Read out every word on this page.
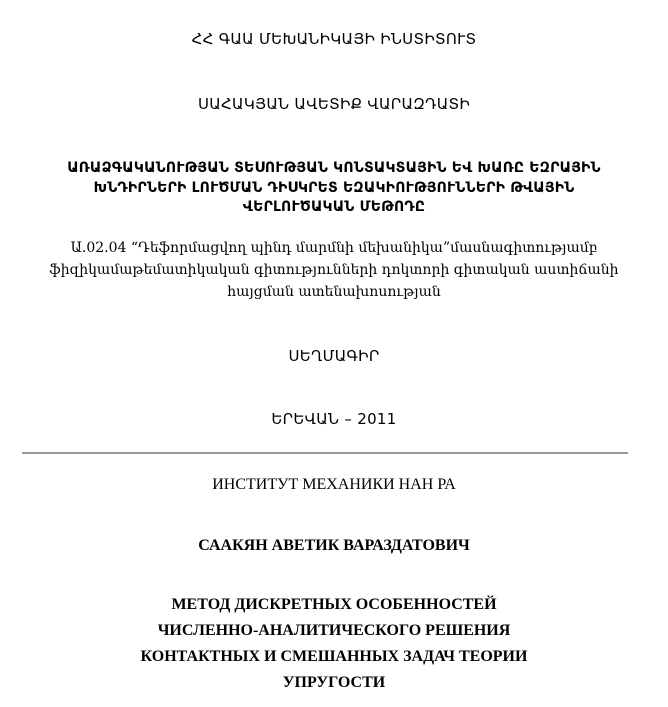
ՀՀ ԳԱԱ ՄԵԽԱՆԻԿԱՅԻ ԻՆՍՏԻՏՈՒՏ
ՍԱՀԱԿՅԱՆ ԱՎԵՏԻՔ ՎԱՐԱԶԴԱՏԻ
ԱՌԱՁԳԱԿԱՆՈՒԹՅԱՆ ՏԵՍՈՒԹՅԱՆ ԿՈՆՏԱԿՏԱՅԻՆ ԵՎ ԽԱՌԸ ԵԶՐԱՅԻՆ
ԽՆԴԻՐՆԵՐԻ ԼՈՒԾՄԱՆ ԴԻՍԿՐԵՏ ԵԶԱԿԻՈՒԹՅՈՒՆՆԵՐԻ ԹՎԱՅԻՆ
ՎԵՐԼՈՒԾԱԿԱՆ ՄԵԹՈԴԸ
Ա.02.04 “Դեֆորմացվող պինդ մարմնի մեխանիկա”մասնագիտությամբ
ֆիզիկամաթեմատիկական գիտությունների դոկտորի գիտական աստիճանի
հայցման ատենախոսության
ՍԵՂՄԱԳԻՐ
ԵՐԵՎԱՆ – 2011
ИНСТИТУТ МЕХАНИКИ НАН РА
СААКЯН АВЕТИК ВАРАЗДАТОВИЧ
МЕТОД ДИСКРЕТНЫХ ОСОБЕННОСТЕЙ
ЧИСЛЕННО-АНАЛИТИЧЕСКОГО РЕШЕНИЯ
КОНТАКТНЫХ И СМЕШАННЫХ ЗАДАЧ ТЕОРИИ
УПРУГОСТИ
